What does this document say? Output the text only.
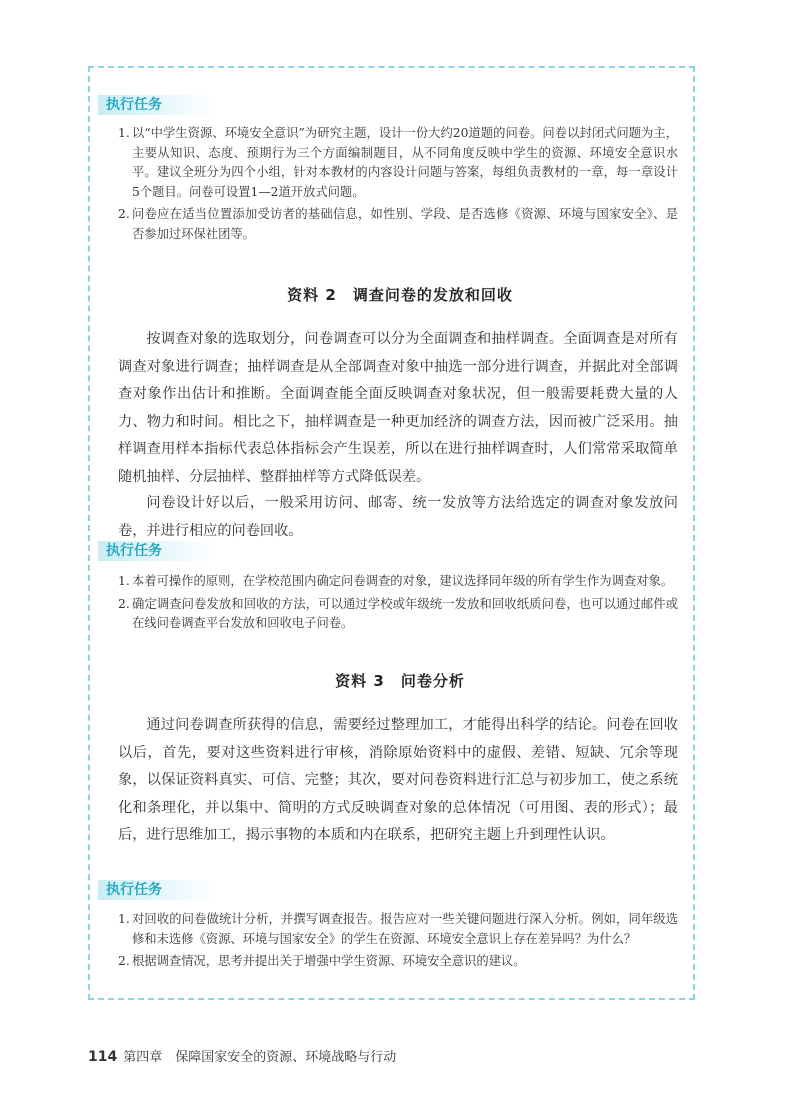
执行任务
1. 以“中学生资源、环境安全意识”为研究主题，设计一份大约20道题的问卷。问卷以封闭式问题为主，主要从知识、态度、预期行为三个方面编制题目，从不同角度反映中学生的资源、环境安全意识水平。建议全班分为四个小组，针对本教材的内容设计问题与答案，每组负责教材的一章，每一章设计5个题目。问卷可设置1—2道开放式问题。
2. 问卷应在适当位置添加受访者的基础信息，如性别、学段、是否选修《资源、环境与国家安全》、是否参加过环保社团等。
资料 2　调查问卷的发放和回收

按调查对象的选取划分，问卷调查可以分为全面调查和抽样调查。全面调查是对所有调查对象进行调查；抽样调查是从全部调查对象中抽选一部分进行调查，并据此对全部调查对象作出估计和推断。全面调查能全面反映调查对象状况，但一般需要耗费大量的人力、物力和时间。相比之下，抽样调查是一种更加经济的调查方法，因而被广泛采用。抽样调查用样本指标代表总体指标会产生误差，所以在进行抽样调查时，人们常常采取简单随机抽样、分层抽样、整群抽样等方式降低误差。

问卷设计好以后，一般采用访问、邮寄、统一发放等方法给选定的调查对象发放问卷，并进行相应的问卷回收。

执行任务
1. 本着可操作的原则，在学校范围内确定问卷调查的对象，建议选择同年级的所有学生作为调查对象。
2. 确定调查问卷发放和回收的方法，可以通过学校或年级统一发放和回收纸质问卷，也可以通过邮件或在线问卷调查平台发放和回收电子问卷。
资料 3　问卷分析

通过问卷调查所获得的信息，需要经过整理加工，才能得出科学的结论。问卷在回收以后，首先，要对这些资料进行审核，消除原始资料中的虚假、差错、短缺、冗余等现象，以保证资料真实、可信、完整；其次，要对问卷资料进行汇总与初步加工，使之系统化和条理化，并以集中、简明的方式反映调查对象的总体情况（可用图、表的形式）；最后，进行思维加工，揭示事物的本质和内在联系，把研究主题上升到理性认识。

执行任务
1. 对回收的问卷做统计分析，并撰写调查报告。报告应对一些关键问题进行深入分析。例如，同年级选修和未选修《资源、环境与国家安全》的学生在资源、环境安全意识上存在差异吗？为什么？
2. 根据调查情况，思考并提出关于增强中学生资源、环境安全意识的建议。
114 第四章　保障国家安全的资源、环境战略与行动
